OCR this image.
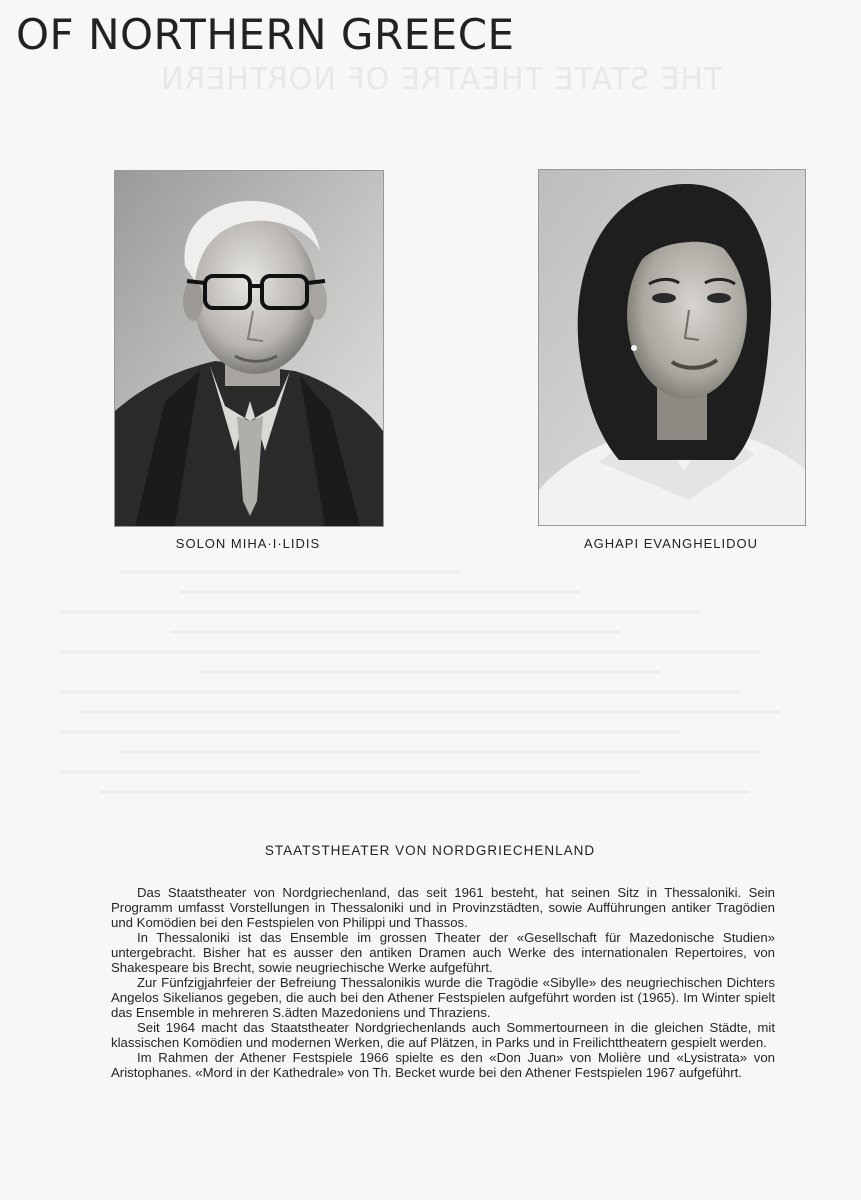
OF NORTHERN GREECE
THE STATE THEATRE OF NORTHERN
SOLON MIHA·I·LIDIS	AGHAPI EVANGHELIDOU
STAATSTHEATER VON NORDGRIECHENLAND

Das Staatstheater von Nordgriechenland, das seit 1961 besteht, hat seinen Sitz in Thessaloniki. Sein Programm umfasst Vorstellungen in Thessaloniki und in Provinzstädten, sowie Aufführungen antiker Tragödien und Komödien bei den Festspielen von Philippi und Thassos.

In Thessaloniki ist das Ensemble im grossen Theater der «Gesellschaft für Mazedonische Studien» untergebracht. Bisher hat es ausser den antiken Dramen auch Werke des internationalen Repertoires, von Shakespeare bis Brecht, sowie neugriechische Werke aufgeführt.

Zur Fünfzigjahrfeier der Befreiung Thessalonikis wurde die Tragödie «Sibylle» des neugriechischen Dichters Angelos Sikelianos gegeben, die auch bei den Athener Festspielen aufgeführt worden ist (1965). Im Winter spielt das Ensemble in mehreren S.ädten Mazedoniens und Thraziens.

Seit 1964 macht das Staatstheater Nordgriechenlands auch Sommertourneen in die gleichen Städte, mit klassischen Komödien und modernen Werken, die auf Plätzen, in Parks und in Freilichttheatern gespielt werden.

Im Rahmen der Athener Festspiele 1966 spielte es den «Don Juan» von Molière und «Lysistrata» von Aristophanes. «Mord in der Kathedrale» von Th. Becket wurde bei den Athener Festspielen 1967 aufgeführt.
